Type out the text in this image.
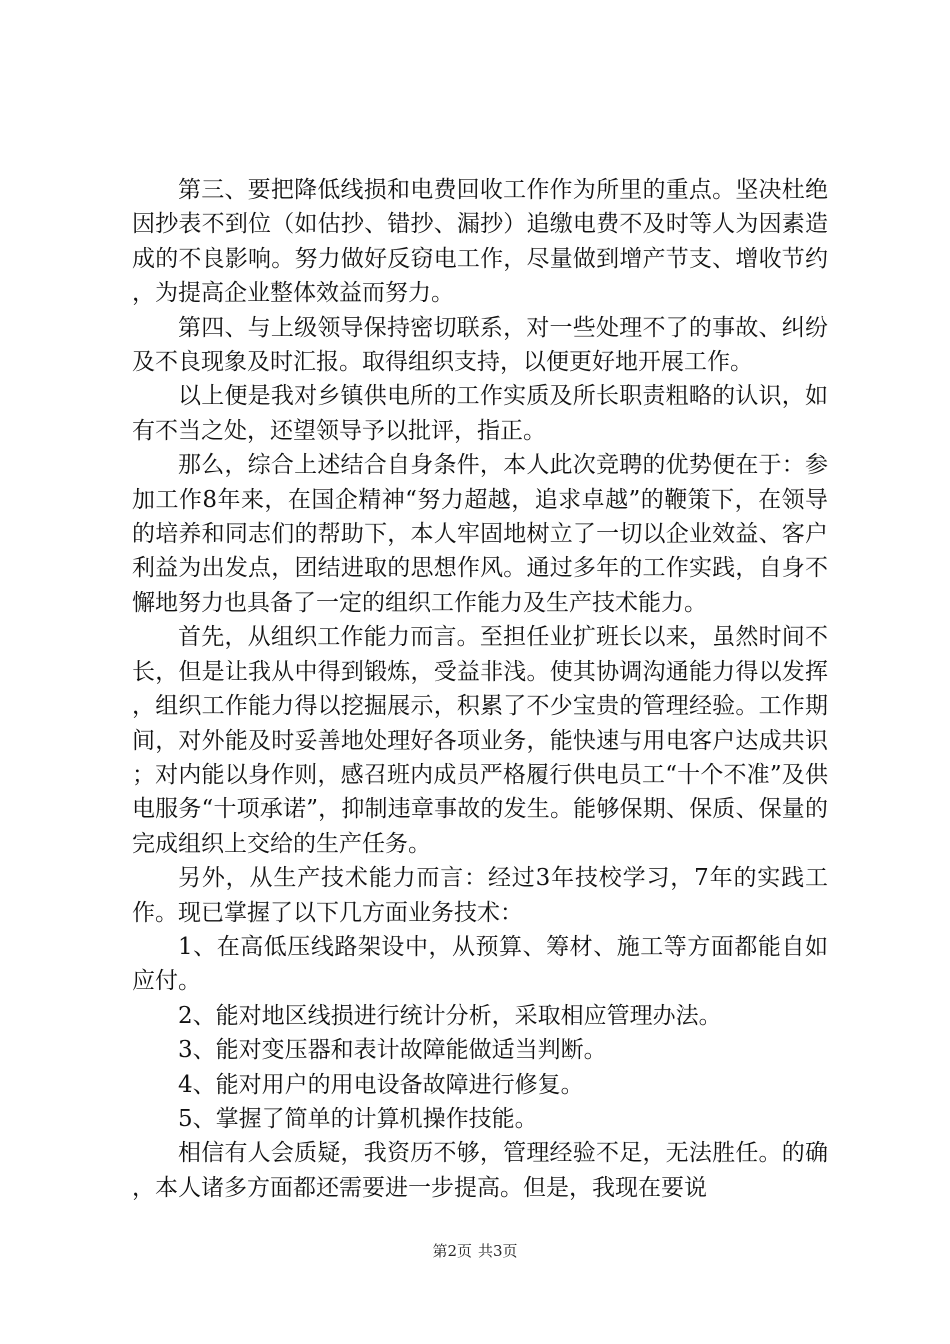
第三、要把降低线损和电费回收工作作为所里的重点。坚决杜绝因抄表不到位（如估抄、错抄、漏抄）追缴电费不及时等人为因素造成的不良影响。努力做好反窃电工作，尽量做到增产节支、增收节约，为提高企业整体效益而努力。

第四、与上级领导保持密切联系，对一些处理不了的事故、纠纷及不良现象及时汇报。取得组织支持，以便更好地开展工作。

以上便是我对乡镇供电所的工作实质及所长职责粗略的认识，如有不当之处，还望领导予以批评，指正。

那么，综合上述结合自身条件，本人此次竞聘的优势便在于：参加工作8年来，在国企精神“努力超越，追求卓越”的鞭策下，在领导的培养和同志们的帮助下，本人牢固地树立了一切以企业效益、客户利益为出发点，团结进取的思想作风。通过多年的工作实践，自身不懈地努力也具备了一定的组织工作能力及生产技术能力。

首先，从组织工作能力而言。至担任业扩班长以来，虽然时间不长，但是让我从中得到锻炼，受益非浅。使其协调沟通能力得以发挥，组织工作能力得以挖掘展示，积累了不少宝贵的管理经验。工作期间，对外能及时妥善地处理好各项业务，能快速与用电客户达成共识；对内能以身作则，感召班内成员严格履行供电员工“十个不准”及供电服务“十项承诺”，抑制违章事故的发生。能够保期、保质、保量的完成组织上交给的生产任务。

另外，从生产技术能力而言：经过3年技校学习，7年的实践工作。现已掌握了以下几方面业务技术：

1、在高低压线路架设中，从预算、筹材、施工等方面都能自如应付。

2、能对地区线损进行统计分析，采取相应管理办法。

3、能对变压器和表计故障能做适当判断。

4、能对用户的用电设备故障进行修复。

5、掌握了简单的计算机操作技能。

相信有人会质疑，我资历不够，管理经验不足，无法胜任。的确，本人诸多方面都还需要进一步提高。但是，我现在要说

第2页 共3页
